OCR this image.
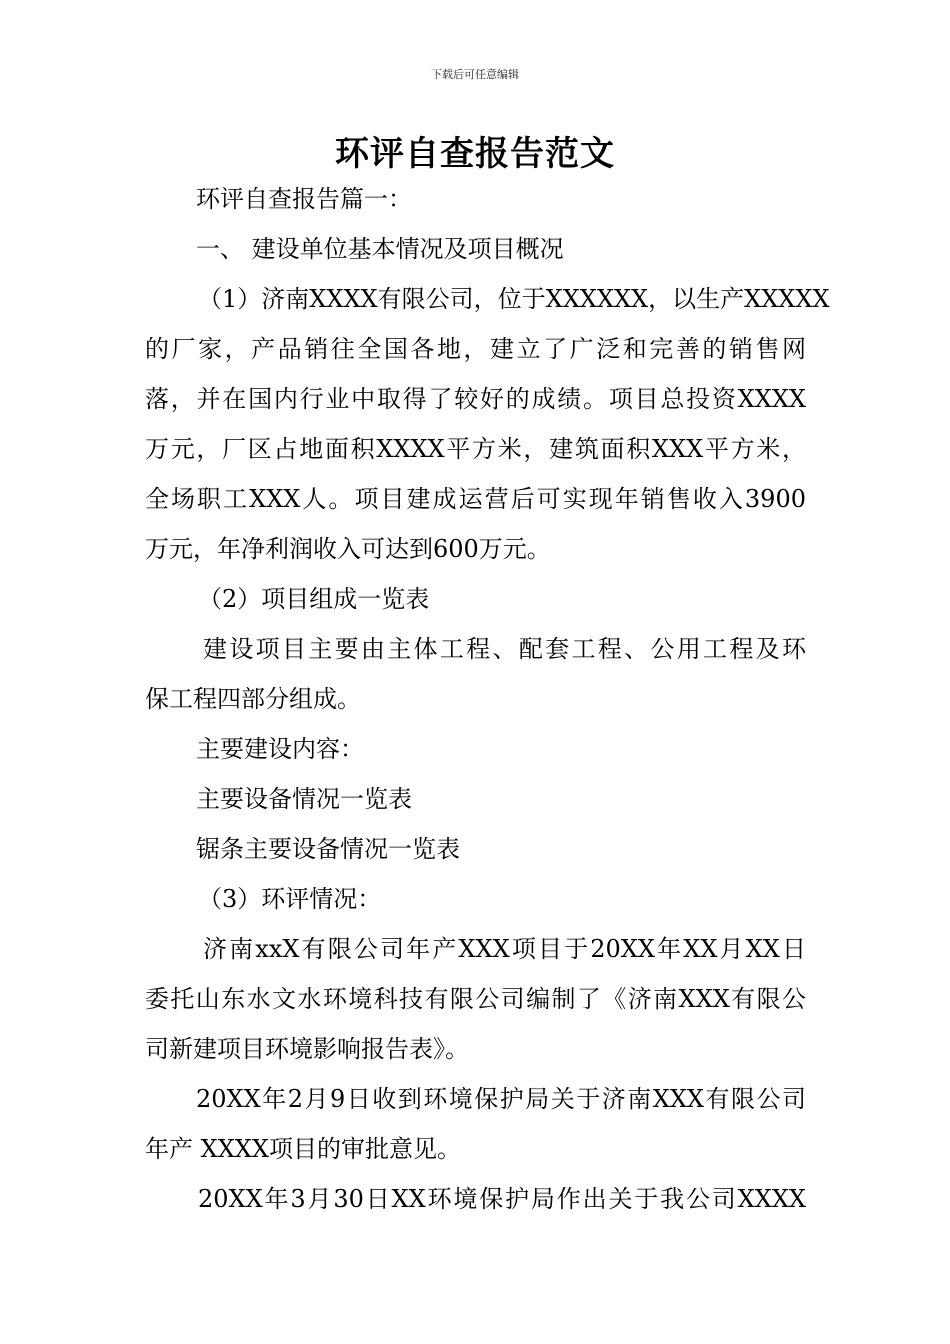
下载后可任意编辑
环评自查报告范文
环评自查报告篇一：
一、 建设单位基本情况及项目概况
（1）济南XXXX有限公司，位于XXXXXX，以生产XXXXX
的厂家，产品销往全国各地，建立了广泛和完善的销售网
落，并在国内行业中取得了较好的成绩。项目总投资XXXX
万元，厂区占地面积XXXX平方米，建筑面积XXX平方米，
全场职工XXX人。项目建成运营后可实现年销售收入3900
万元，年净利润收入可达到600万元。
（2）项目组成一览表
建设项目主要由主体工程、配套工程、公用工程及环
保工程四部分组成。
主要建设内容：
主要设备情况一览表
锯条主要设备情况一览表
（3）环评情况：
济南xxX有限公司年产XXX项目于20XX年XX月XX日
委托山东水文水环境科技有限公司编制了《济南XXX有限公
司新建项目环境影响报告表》。
20XX年2月9日收到环境保护局关于济南XXX有限公司
年产 XXXX项目的审批意见。
20XX年3月30日XX环境保护局作出关于我公司XXXX
